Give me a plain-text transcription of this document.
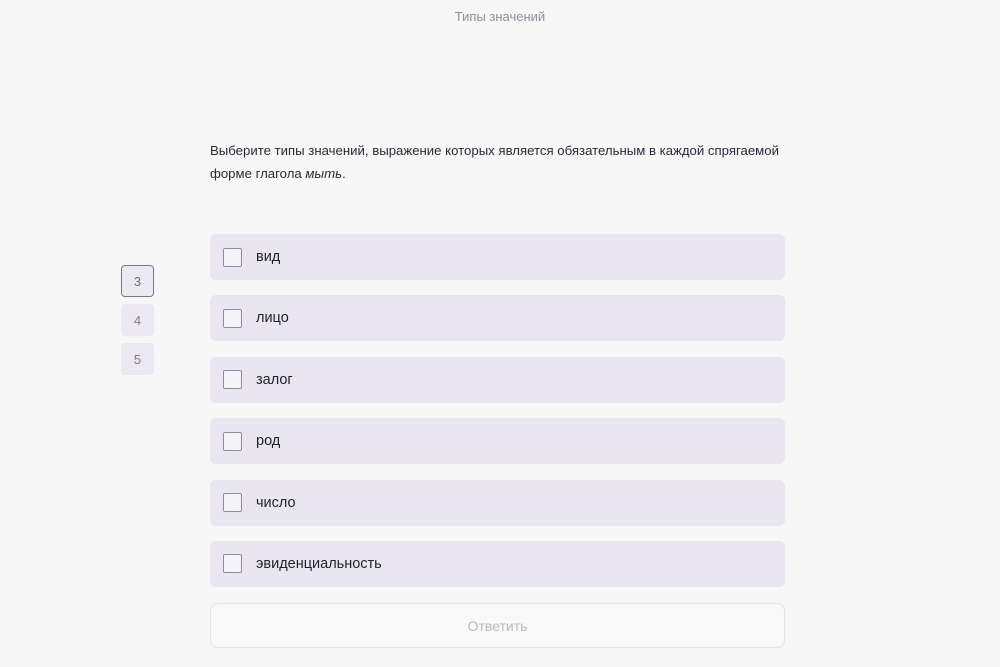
Типы значений
Выберите типы значений, выражение которых является обязательным в каждой спрягаемой форме глагола мыть.
3
4
5
вид
лицо
залог
род
число
эвиденциальность
Ответить
